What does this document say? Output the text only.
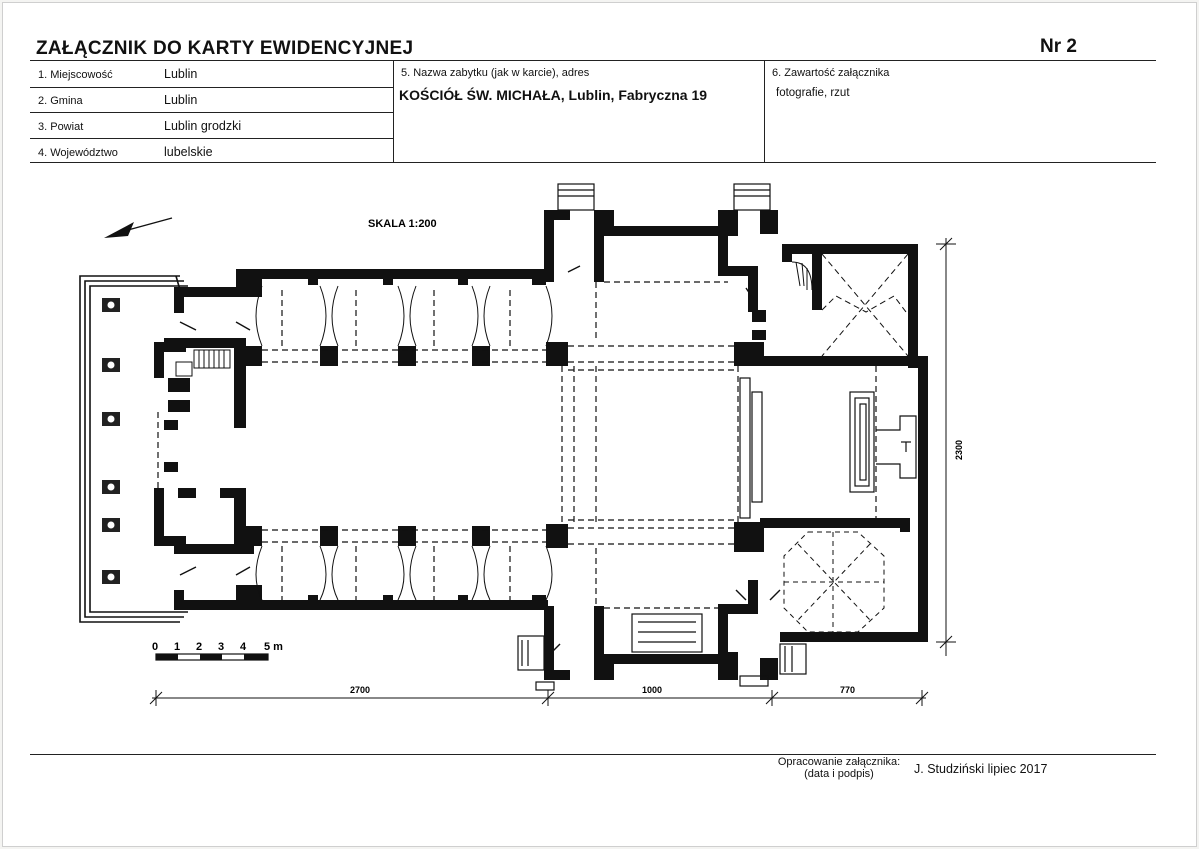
ZAŁĄCZNIK DO KARTY EWIDENCYJNEJ	Nr 2
1. Miejscowość	Lublin
2. Gmina	Lublin
3. Powiat	Lublin grodzki
4. Województwo	lubelskie
5. Nazwa zabytku (jak w karcie), adres
KOŚCIÓŁ ŚW. MICHAŁA, Lublin, Fabryczna 19
6. Zawartość załącznika
fotografie, rzut
SKALA 1:200
0 1 2 3 4 5 m
2700	1000	770
2300
Opracowanie załącznika:
(data i podpis)	J. Studziński lipiec 2017
